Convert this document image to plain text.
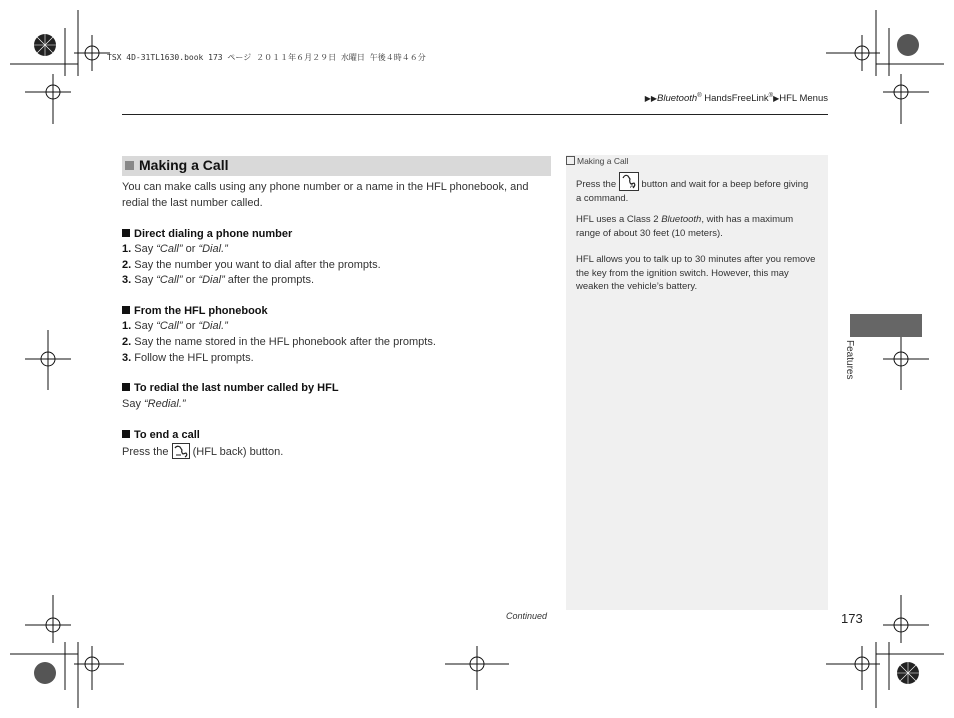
TSX 4D-31TL1630.book 173 ページ ２０１１年６月２９日 水曜日 午後４時４６分
▶▶Bluetooth® HandsFreeLink®▶HFL Menus
Making a Call
You can make calls using any phone number or a name in the HFL phonebook, and redial the last number called.
Direct dialing a phone number
1. Say “Call” or “Dial.”
2. Say the number you want to dial after the prompts.
3. Say “Call” or “Dial” after the prompts.
From the HFL phonebook
1. Say “Call” or “Dial.”
2. Say the name stored in the HFL phonebook after the prompts.
3. Follow the HFL prompts.
To redial the last number called by HFL
Say “Redial.”
To end a call
Press the
(HFL back) button.
Making a Call
Press the A button and wait for a beep before giving a command.
HFL uses a Class 2 Bluetooth, with has a maximum range of about 30 feet (10 meters).
HFL allows you to talk up to 30 minutes after you remove the key from the ignition switch. However, this may weaken the vehicle’s battery.
Features
Continued	173
